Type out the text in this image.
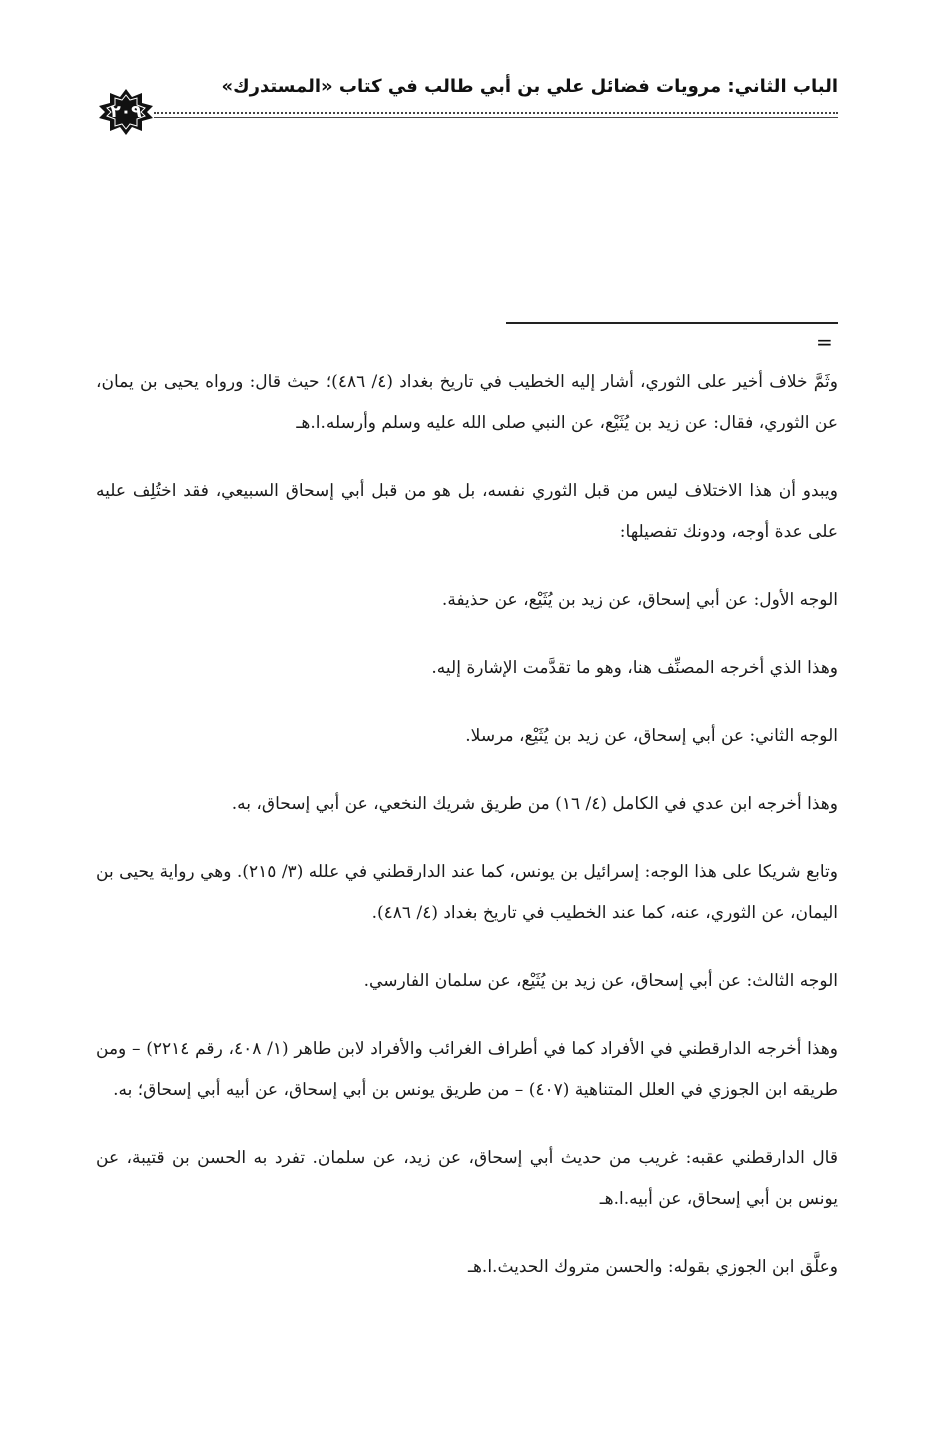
الباب الثاني: مرويات فضائل علي بن أبي طالب في كتاب «المستدرك»
٢٠٩
=

وثَمَّ خلاف أخير على الثوري، أشار إليه الخطيب في تاريخ بغداد (٤/ ٤٨٦)؛ حيث قال: ورواه يحيى بن يمان، عن الثوري، فقال: عن زيد بن يُثَيْع، عن النبي صلى الله عليه وسلم وأرسله.ا.هـ

ويبدو أن هذا الاختلاف ليس من قبل الثوري نفسه، بل هو من قبل أبي إسحاق السبيعي، فقد اختُلِف عليه على عدة أوجه، ودونك تفصيلها:

الوجه الأول: عن أبي إسحاق، عن زيد بن يُثَيْع، عن حذيفة.

وهذا الذي أخرجه المصنِّف هنا، وهو ما تقدَّمت الإشارة إليه.

الوجه الثاني: عن أبي إسحاق، عن زيد بن يُثَيْع، مرسلا.

وهذا أخرجه ابن عدي في الكامل (٤/ ١٦) من طريق شريك النخعي، عن أبي إسحاق، به.

وتابع شريكا على هذا الوجه: إسرائيل بن يونس، كما عند الدارقطني في علله (٣/ ٢١٥). وهي رواية يحيى بن اليمان، عن الثوري، عنه، كما عند الخطيب في تاريخ بغداد (٤/ ٤٨٦).

الوجه الثالث: عن أبي إسحاق، عن زيد بن يُثَيْع، عن سلمان الفارسي.

وهذا أخرجه الدارقطني في الأفراد كما في أطراف الغرائب والأفراد لابن طاهر (١/ ٤٠٨، رقم ٢٢١٤) – ومن طريقه ابن الجوزي في العلل المتناهية (٤٠٧) – من طريق يونس بن أبي إسحاق، عن أبيه أبي إسحاق؛ به.

قال الدارقطني عقبه: غريب من حديث أبي إسحاق، عن زيد، عن سلمان. تفرد به الحسن بن قتيبة، عن يونس بن أبي إسحاق، عن أبيه.ا.هـ

وعلَّق ابن الجوزي بقوله: والحسن متروك الحديث.ا.هـ
